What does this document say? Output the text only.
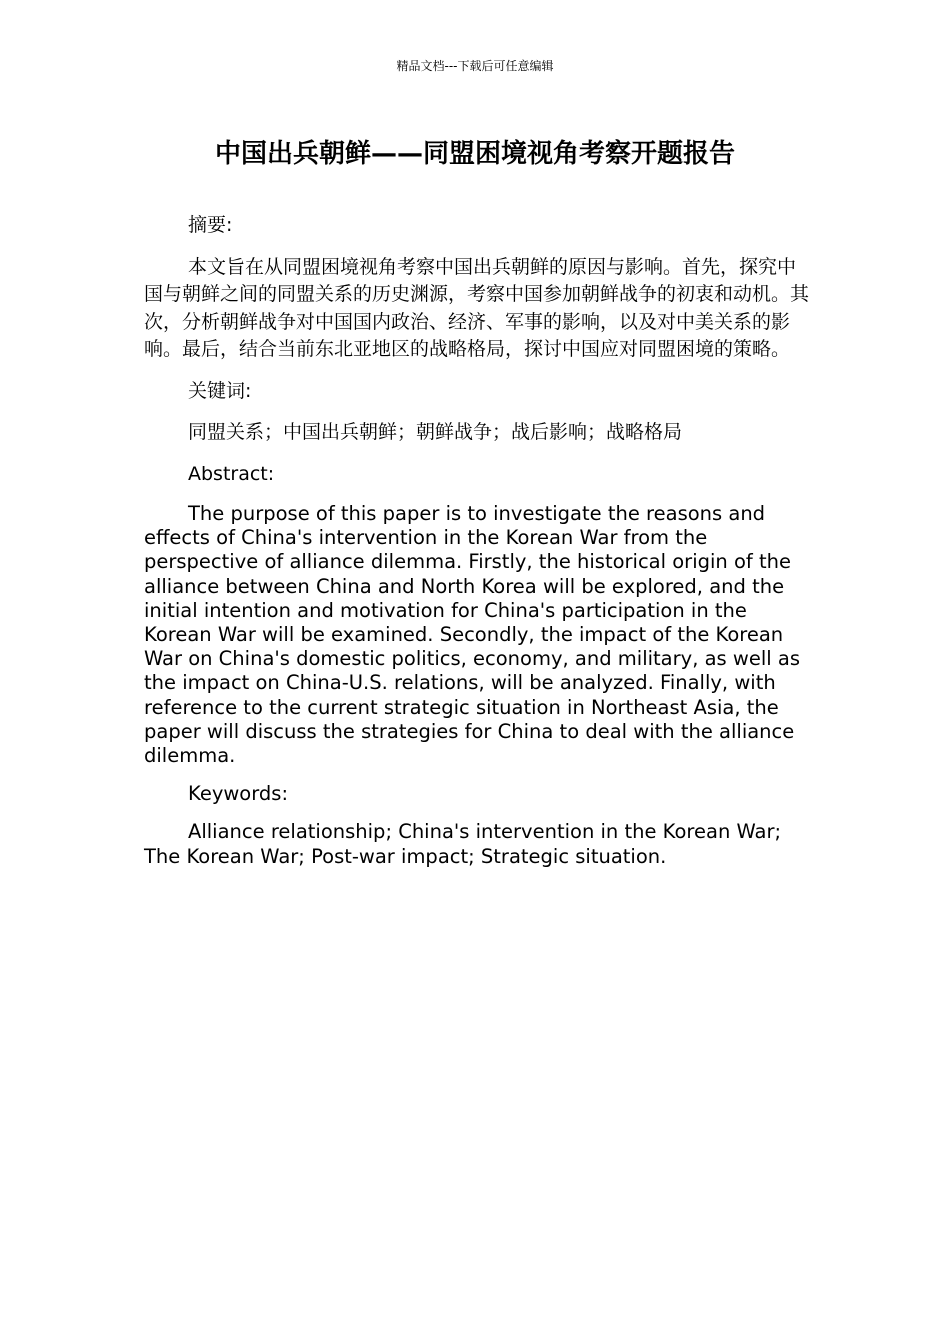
精品文档---下载后可任意编辑
中国出兵朝鲜——同盟困境视角考察开题报告

摘要:

本文旨在从同盟困境视角考察中国出兵朝鲜的原因与影响。首先，探究中国与朝鲜之间的同盟关系的历史渊源，考察中国参加朝鲜战争的初衷和动机。其次，分析朝鲜战争对中国国内政治、经济、军事的影响，以及对中美关系的影响。最后，结合当前东北亚地区的战略格局，探讨中国应对同盟困境的策略。

关键词:

同盟关系；中国出兵朝鲜；朝鲜战争；战后影响；战略格局

Abstract:

The purpose of this paper is to investigate the reasons and effects of China's intervention in the Korean War from the perspective of alliance dilemma. Firstly, the historical origin of the alliance between China and North Korea will be explored, and the initial intention and motivation for China's participation in the Korean War will be examined. Secondly, the impact of the Korean War on China's domestic politics, economy, and military, as well as the impact on China-U.S. relations, will be analyzed. Finally, with reference to the current strategic situation in Northeast Asia, the paper will discuss the strategies for China to deal with the alliance dilemma.

Keywords:

Alliance relationship; China's intervention in the Korean War; The Korean War; Post-war impact; Strategic situation.
